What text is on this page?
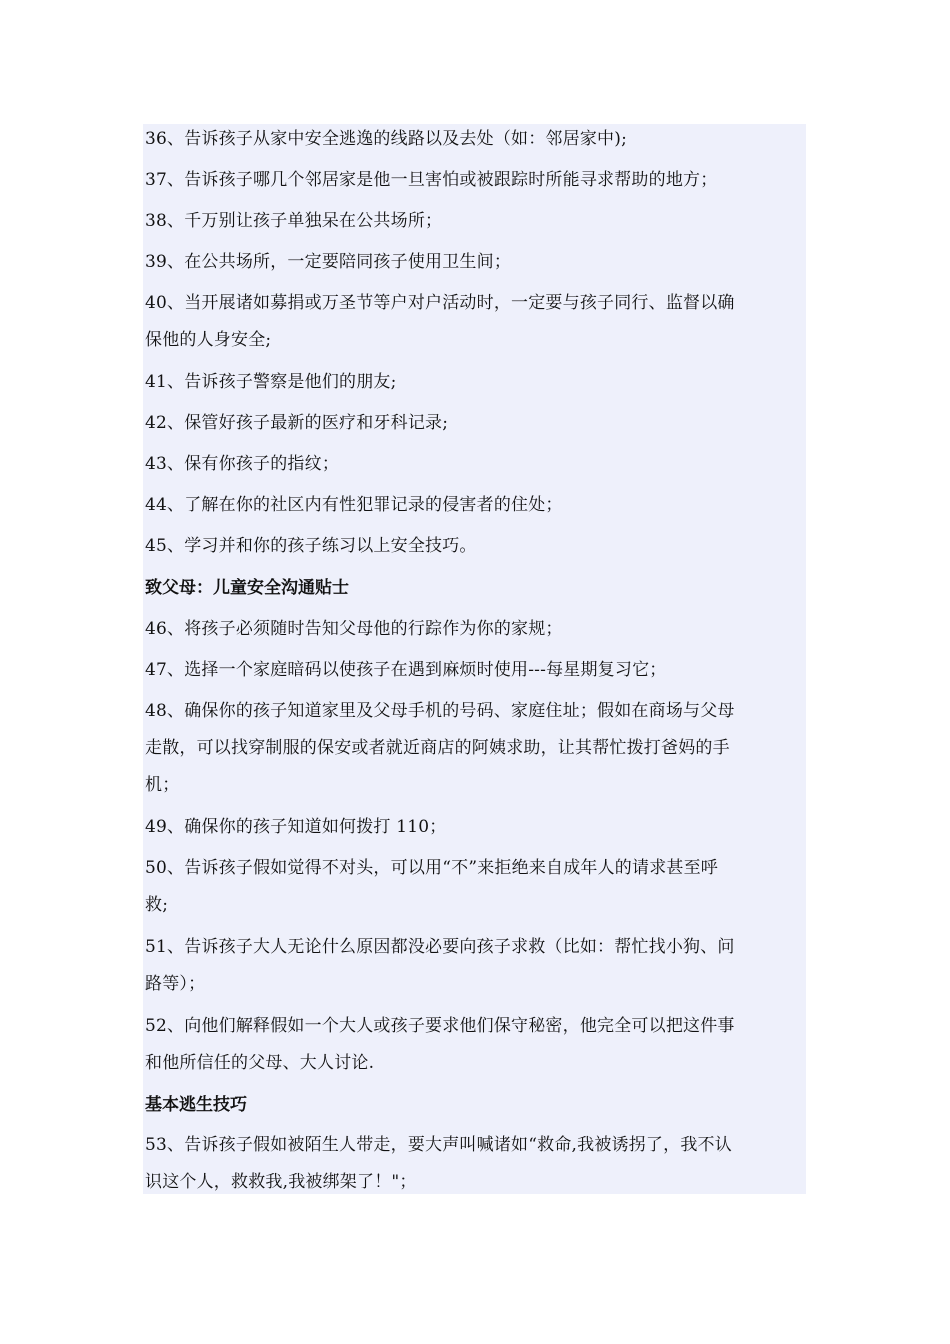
36、告诉孩子从家中安全逃逸的线路以及去处（如：邻居家中);
37、告诉孩子哪几个邻居家是他一旦害怕或被跟踪时所能寻求帮助的地方；
38、千万别让孩子单独呆在公共场所；
39、在公共场所，一定要陪同孩子使用卫生间；
40、当开展诸如募捐或万圣节等户对户活动时，一定要与孩子同行、监督以确
保他的人身安全;
41、告诉孩子警察是他们的朋友;
42、保管好孩子最新的医疗和牙科记录;
43、保有你孩子的指纹；
44、了解在你的社区内有性犯罪记录的侵害者的住处；
45、学习并和你的孩子练习以上安全技巧。
致父母：儿童安全沟通贴士
46、将孩子必须随时告知父母他的行踪作为你的家规；
47、选择一个家庭暗码以使孩子在遇到麻烦时使用---每星期复习它；
48、确保你的孩子知道家里及父母手机的号码、家庭住址；假如在商场与父母
走散，可以找穿制服的保安或者就近商店的阿姨求助，让其帮忙拨打爸妈的手
机；
49、确保你的孩子知道如何拨打 110；
50、告诉孩子假如觉得不对头，可以用“不”来拒绝来自成年人的请求甚至呼
救;
51、告诉孩子大人无论什么原因都没必要向孩子求救（比如：帮忙找小狗、问
路等）；
52、向他们解释假如一个大人或孩子要求他们保守秘密，他完全可以把这件事
和他所信任的父母、大人讨论.
基本逃生技巧
53、告诉孩子假如被陌生人带走，要大声叫喊诸如“救命,我被诱拐了，我不认
识这个人，救救我,我被绑架了！"；
